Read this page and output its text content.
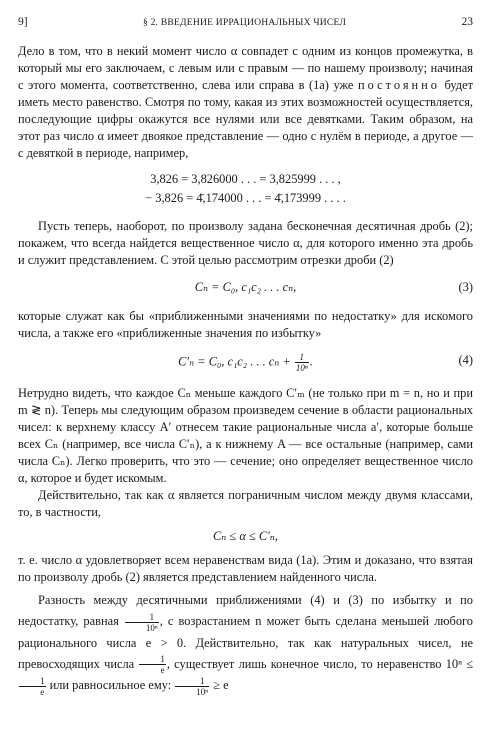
9]	§ 2. ВВЕДЕНИЕ ИРРАЦИОНАЛЬНЫХ ЧИСЕЛ	23

Дело в том, что в некий момент число α совпадет с одним из концов промежутка, в который мы его заключаем, с левым или с правым — по нашему произволу; начиная с этого момента, соответственно, слева или справа в (1а) уже постоянно будет иметь место равенство. Смотря по тому, какая из этих возможностей осуществляется, последующие цифры окажутся все нулями или все девятками. Таким образом, на этот раз число α имеет двоякое представление — одно с нулём в периоде, а другое — с девяткой в периоде, например,

3,826 = 3,826000 . . . = 3,825999 . . . ,
− 3,826 = 4̄,174000 . . . = 4̄,173999 . . . .

Пусть теперь, наоборот, по произволу задана бесконечная десятичная дробь (2); покажем, что всегда найдется вещественное число α, для которого именно эта дробь и служит представлением. С этой целью рассмотрим отрезки дроби (2)

Cₙ = C₀, c₁c₂ . . . cₙ,	(3)

которые служат как бы «приближенными значениями по недостатку» для искомого числа, а также его «приближенные значения по избытку»

C′ₙ = C₀, c₁c₂ . . . $c_n + \frac{1}{\text{10ⁿ}}$ .	(4)

Нетрудно видеть, что каждое Cₙ меньше каждого C′ₘ (не только при m = n, но и при m ≷ n). Теперь мы следующим образом произведем сечение в области рациональных чисел: к верхнему классу A′ отнесем такие рациональные числа a′, которые больше всех Cₙ (например, все числа C′ₙ), а к нижнему A — все остальные (например, сами числа Cₙ). Легко проверить, что это — сечение; оно определяет вещественное число α, которое и будет искомым.

Действительно, так как α является пограничным числом между двумя классами, то, в частности,

Cₙ ≤ α ≤ C′ₙ,

т. е. число α удовлетворяет всем неравенствам вида (1а). Этим и доказано, что взятая по произволу дробь (2) является представлением найденного числа.

Разность между десятичными приближениями (4) и (3) по избытку и по недостатку, равная $\frac{1}{\text{10ⁿ}}$ , с возрастанием n может быть сделана меньшей любого рационального числа e > 0. Действительно, так как натуральных чисел, не превосходящих числа $\frac{1}{e}$ , существует лишь конечное число, то неравенство 10ⁿ ≤
$\frac{1}{e}$ или равносильное ему: $\frac{1}{\text{10ⁿ}} \ge e$
